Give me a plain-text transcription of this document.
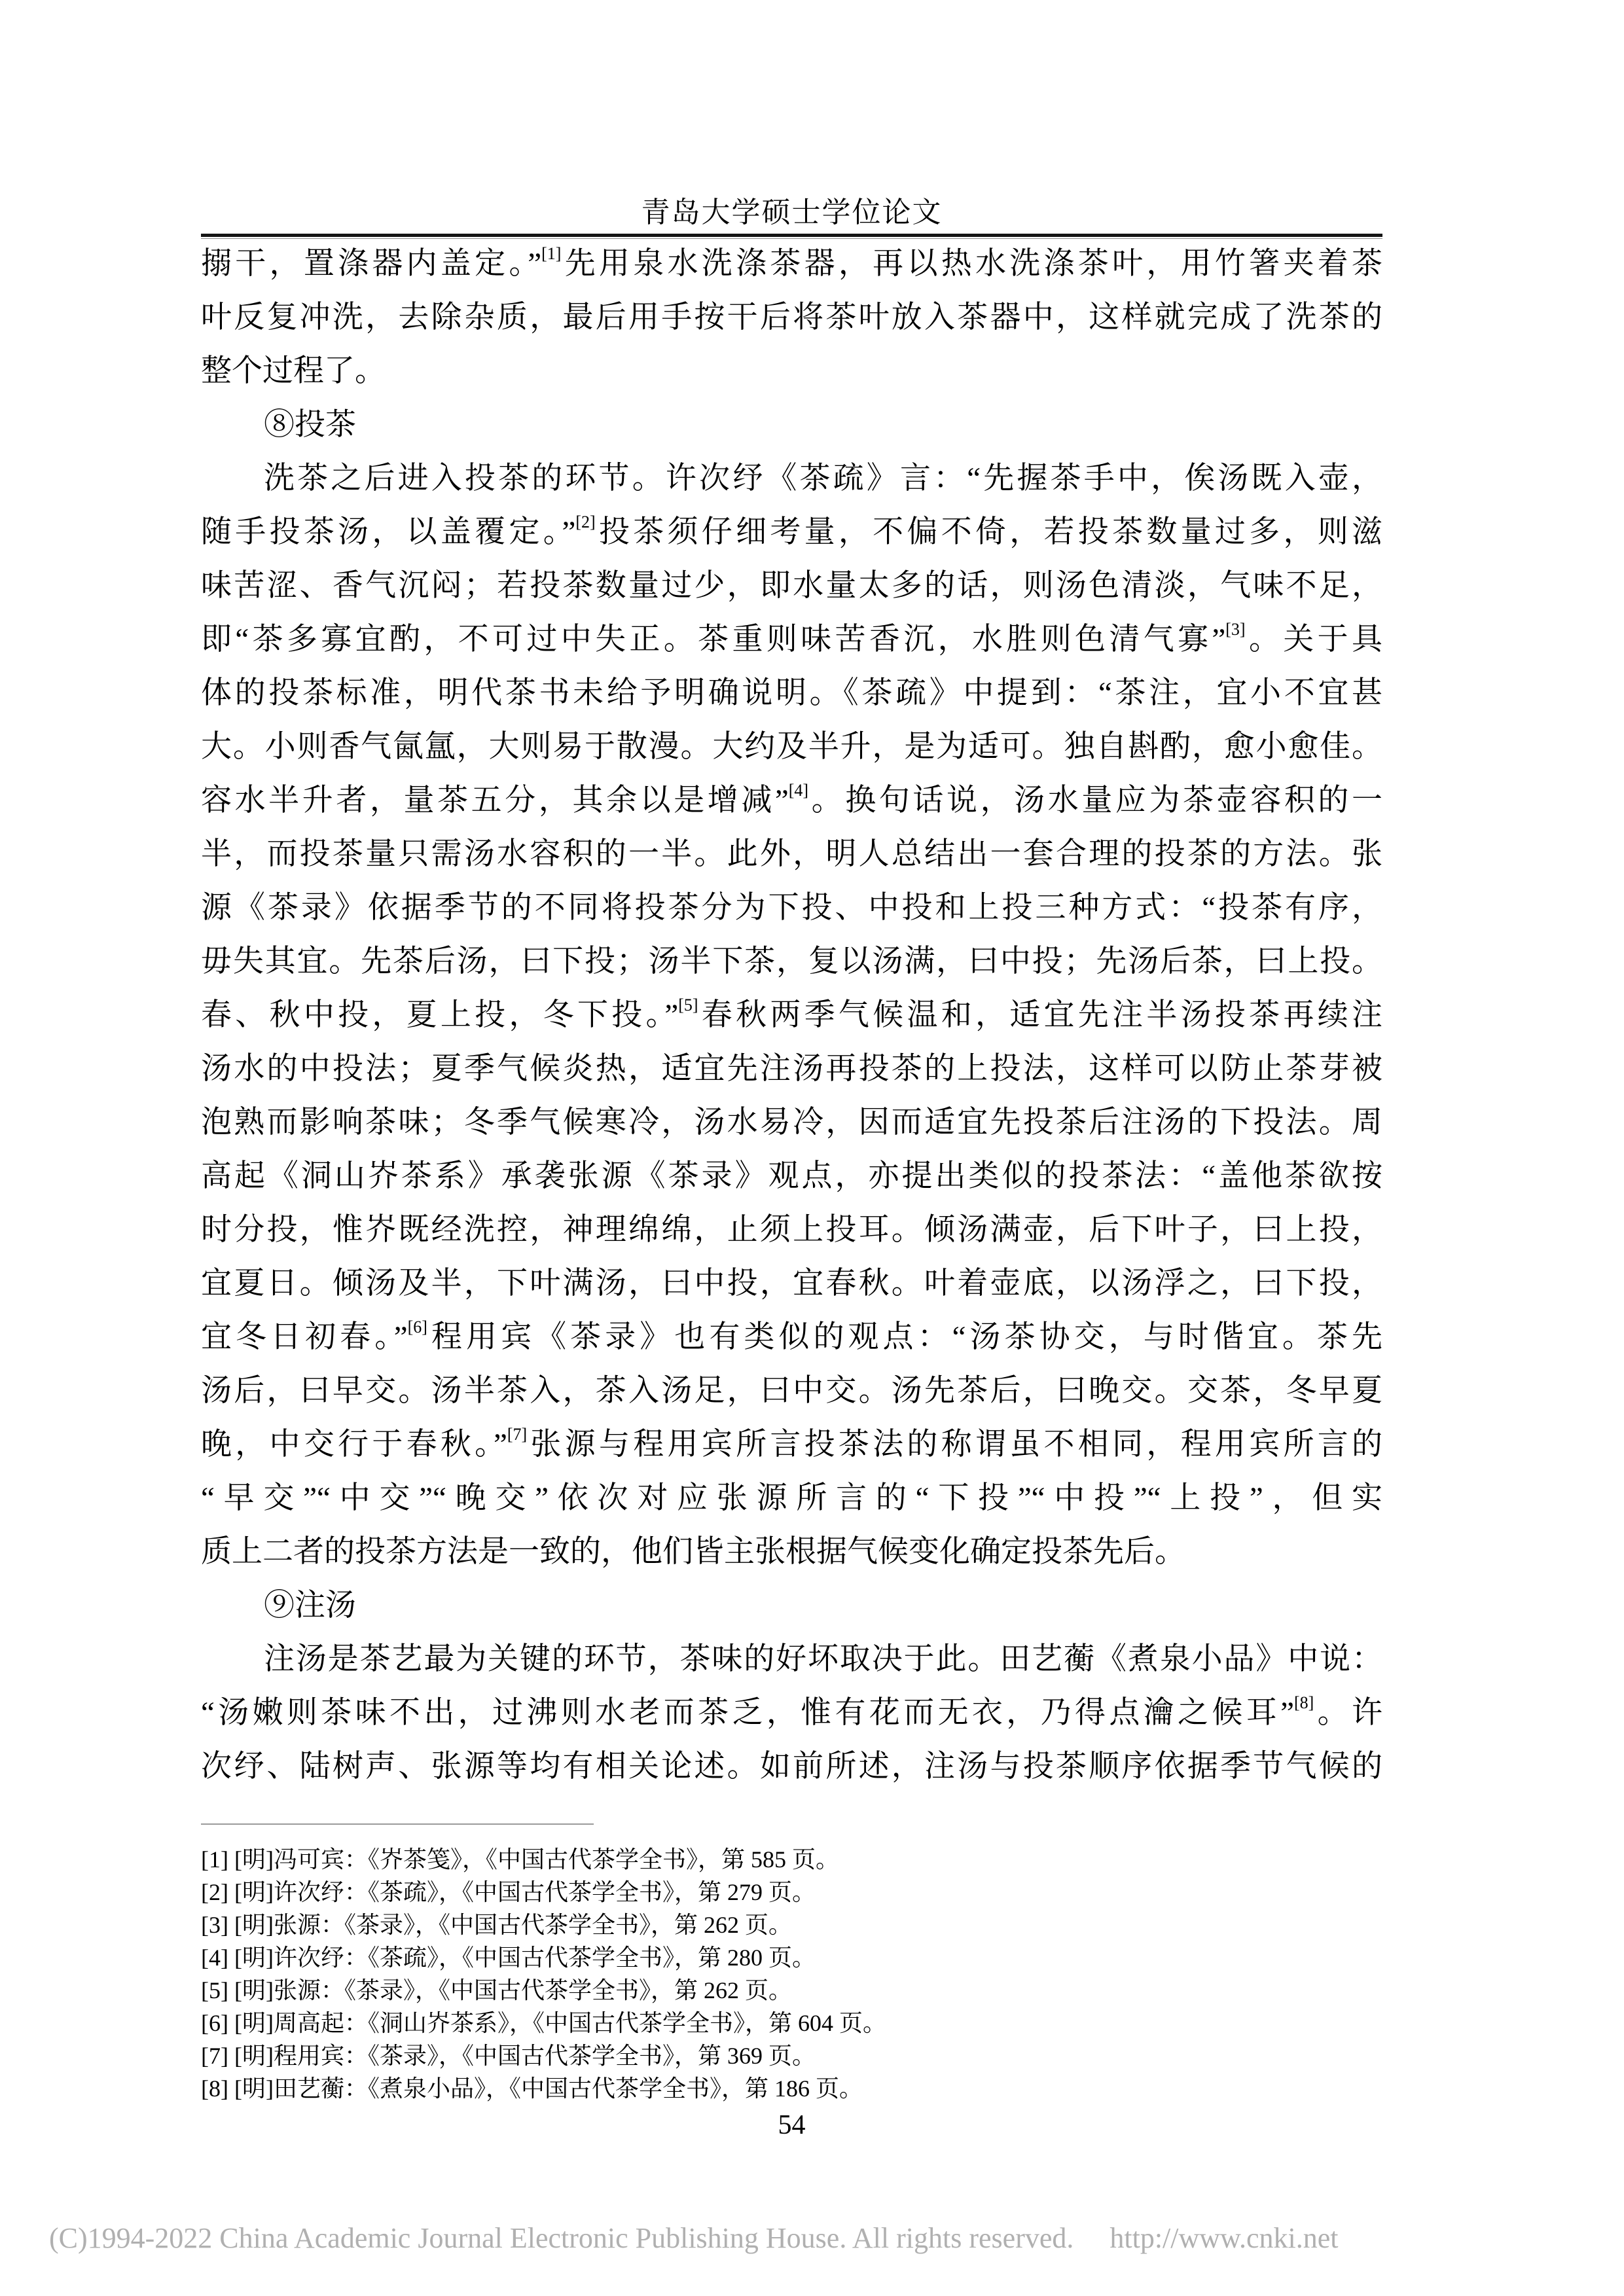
青岛大学硕士学位论文
搦干，置涤器内盖定。”[1]先用泉水洗涤茶器，再以热水洗涤茶叶，用竹箸夹着茶
叶反复冲洗，去除杂质，最后用手按干后将茶叶放入茶器中，这样就完成了洗茶的
整个过程了。
⑧投茶
洗茶之后进入投茶的环节。许次纾《茶疏》言：“先握茶手中，俟汤既入壶，
随手投茶汤，以盖覆定。”[2]投茶须仔细考量，不偏不倚，若投茶数量过多，则滋
味苦涩、香气沉闷；若投茶数量过少，即水量太多的话，则汤色清淡，气味不足，
即“茶多寡宜酌，不可过中失正。茶重则味苦香沉，水胜则色清气寡”[3]。关于具
体的投茶标准，明代茶书未给予明确说明。《茶疏》中提到：“茶注，宜小不宜甚
大。小则香气氤氲，大则易于散漫。大约及半升，是为适可。独自斟酌，愈小愈佳。
容水半升者，量茶五分，其余以是增减”[4]。换句话说，汤水量应为茶壶容积的一
半，而投茶量只需汤水容积的一半。此外，明人总结出一套合理的投茶的方法。张
源《茶录》依据季节的不同将投茶分为下投、中投和上投三种方式：“投茶有序，
毋失其宜。先茶后汤，曰下投；汤半下茶，复以汤满，曰中投；先汤后茶，曰上投。
春、秋中投，夏上投，冬下投。”[5]春秋两季气候温和，适宜先注半汤投茶再续注
汤水的中投法；夏季气候炎热，适宜先注汤再投茶的上投法，这样可以防止茶芽被
泡熟而影响茶味；冬季气候寒冷，汤水易冷，因而适宜先投茶后注汤的下投法。周
高起《洞山岕茶系》承袭张源《茶录》观点，亦提出类似的投茶法：“盖他茶欲按
时分投，惟岕既经洗控，神理绵绵，止须上投耳。倾汤满壶，后下叶子，曰上投，
宜夏日。倾汤及半，下叶满汤，曰中投，宜春秋。叶着壶底，以汤浮之，曰下投，
宜冬日初春。”[6]程用宾《茶录》也有类似的观点：“汤茶协交，与时偕宜。茶先
汤后，曰早交。汤半茶入，茶入汤足，曰中交。汤先茶后，曰晚交。交茶，冬早夏
晚，中交行于春秋。”[7]张源与程用宾所言投茶法的称谓虽不相同，程用宾所言的
“早交”“中交”“晚交”依次对应张源所言的“下投”“中投”“上投”，但实
质上二者的投茶方法是一致的，他们皆主张根据气候变化确定投茶先后。
⑨注汤
注汤是茶艺最为关键的环节，茶味的好坏取决于此。田艺蘅《煮泉小品》中说：
“汤嫩则茶味不出，过沸则水老而茶乏，惟有花而无衣，乃得点瀹之候耳”[8]。许
次纾、陆树声、张源等均有相关论述。如前所述，注汤与投茶顺序依据季节气候的
[1] [明]冯可宾：《岕茶笺》，《中国古代茶学全书》，第 585 页。
[2] [明]许次纾：《茶疏》，《中国古代茶学全书》，第 279 页。
[3] [明]张源：《茶录》，《中国古代茶学全书》，第 262 页。
[4] [明]许次纾：《茶疏》，《中国古代茶学全书》，第 280 页。
[5] [明]张源：《茶录》，《中国古代茶学全书》，第 262 页。
[6] [明]周高起：《洞山岕茶系》，《中国古代茶学全书》，第 604 页。
[7] [明]程用宾：《茶录》，《中国古代茶学全书》，第 369 页。
[8] [明]田艺蘅：《煮泉小品》，《中国古代茶学全书》，第 186 页。
54
(C)1994-2022 China Academic Journal Electronic Publishing House. All rights reserved. http://www.cnki.net
